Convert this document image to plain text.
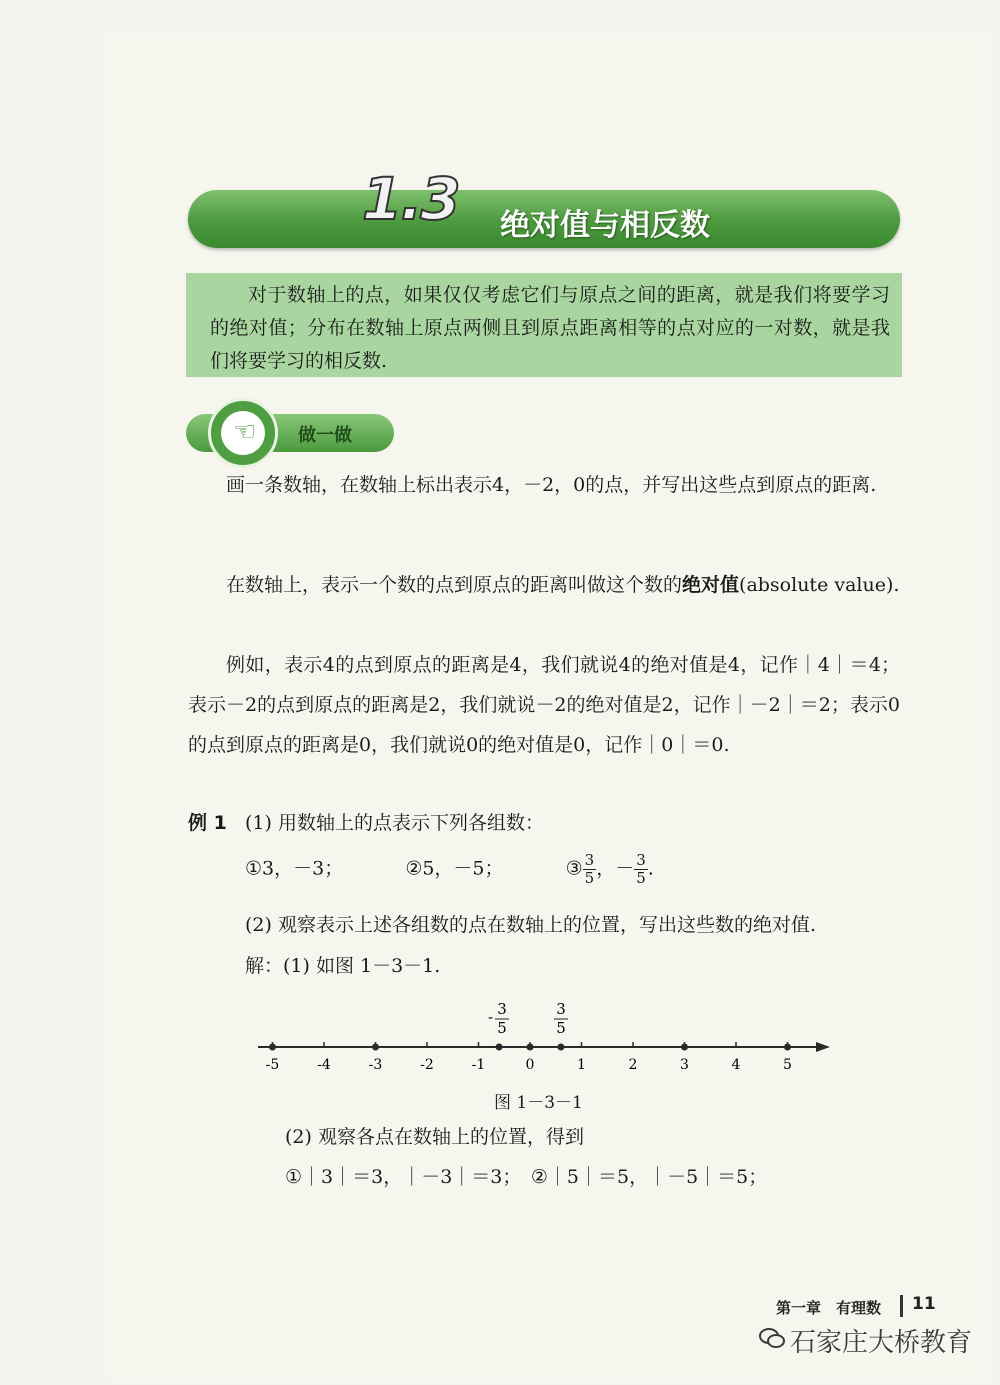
1.3 绝对值与相反数

对于数轴上的点，如果仅仅考虑它们与原点之间的距离，就是我们将要学习的绝对值；分布在数轴上原点两侧且到原点距离相等的点对应的一对数，就是我们将要学习的相反数.

☜ 做一做
画一条数轴，在数轴上标出表示4，－2，0的点，并写出这些点到原点的距离.
在数轴上，表示一个数的点到原点的距离叫做这个数的绝对值(absolute value).
例如，表示4的点到原点的距离是4，我们就说4的绝对值是4，记作｜4｜＝4；表示－2的点到原点的距离是2，我们就说－2的绝对值是2，记作｜－2｜＝2；表示0的点到原点的距离是0，我们就说0的绝对值是0，记作｜0｜＝0.
例 1 (1) 用数轴上的点表示下列各组数：
①3，－3；	②5，－5；	③ $\frac{3}{5}$ ，－ $\frac{3}{5}$ .
(2) 观察表示上述各组数的点在数轴上的位置，写出这些数的绝对值.
解：(1) 如图 1－3－1.
-5	-4	-3	-2	-1	0	1	2	3	4	5
- 3
5
3
5
图 1－3－1
(2) 观察各点在数轴上的位置，得到
①｜3｜＝3，｜－3｜＝3；　②｜5｜＝5，｜－5｜＝5；
第一章　有理数 11
石家庄大桥教育
